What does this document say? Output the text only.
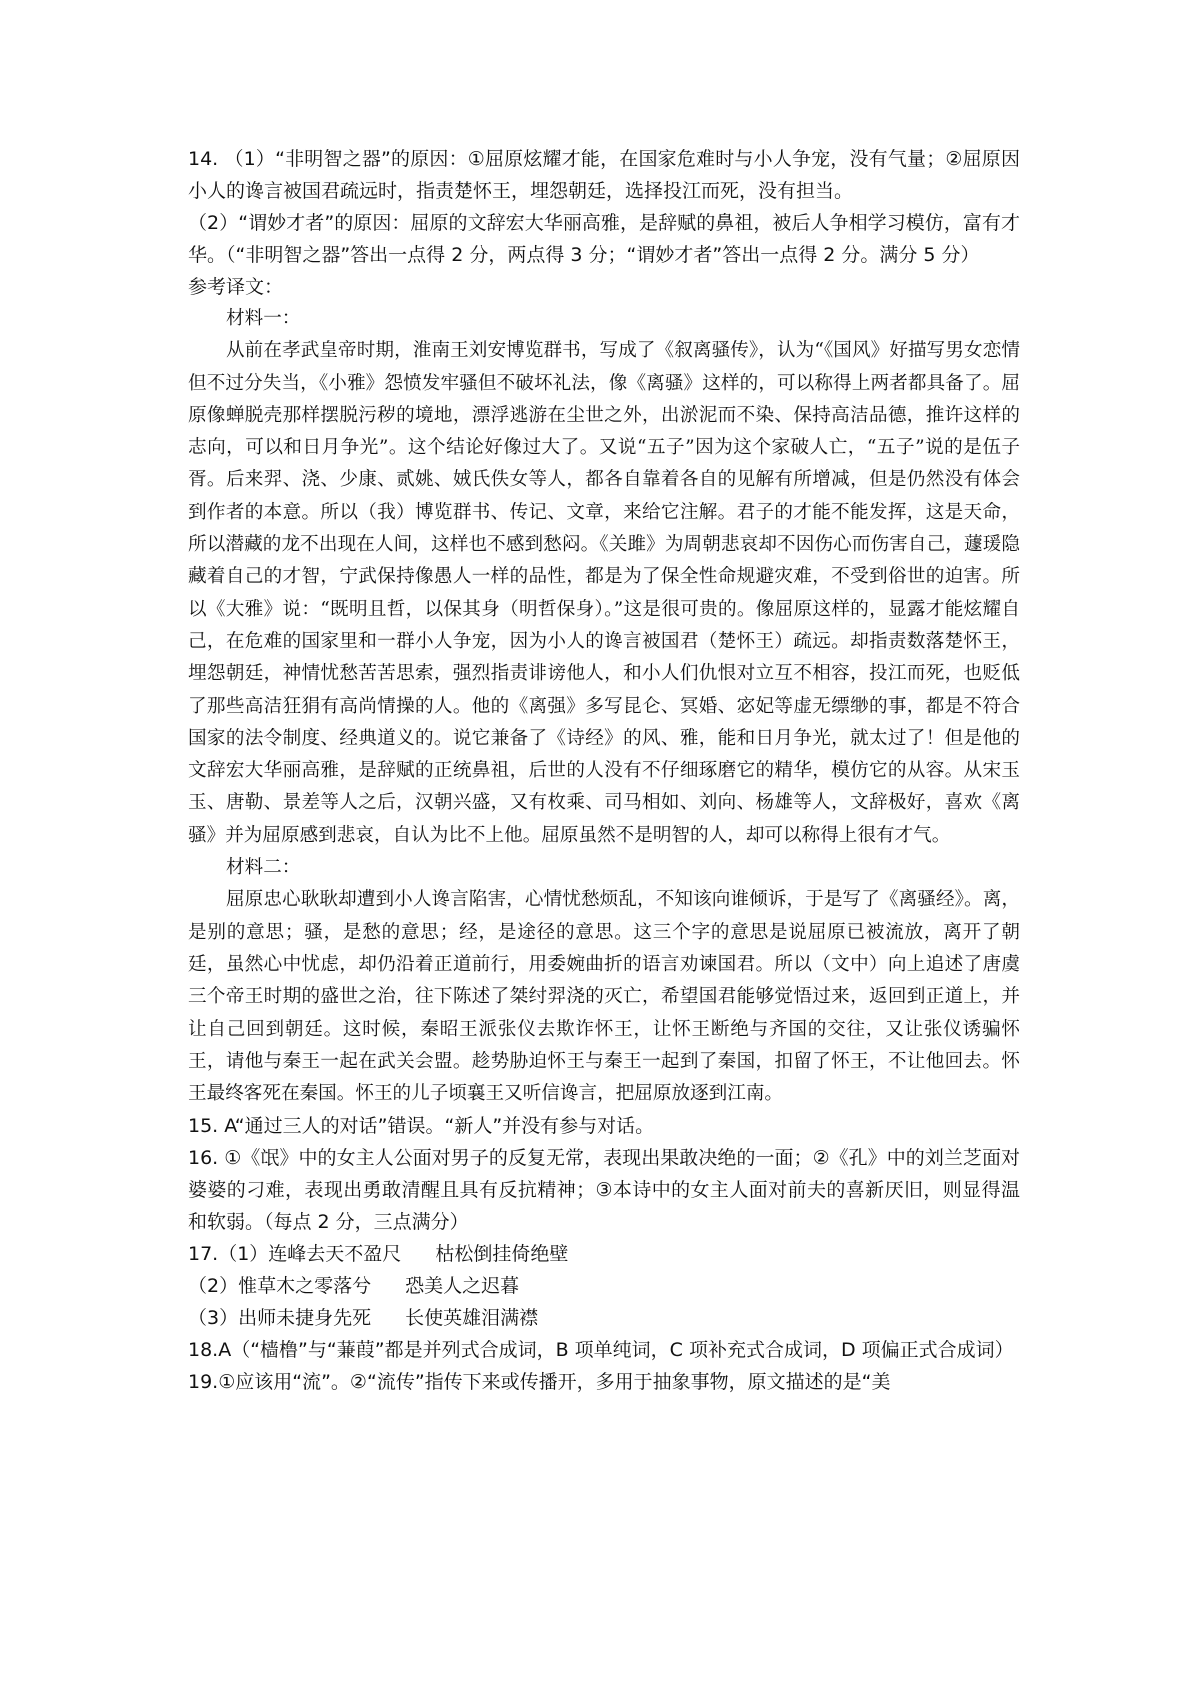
14. （1）“非明智之器”的原因：①屈原炫耀才能，在国家危难时与小人争宠，没有气量；②屈原因小人的谗言被国君疏远时，指责楚怀王，埋怨朝廷，选择投江而死，没有担当。

（2）“谓妙才者”的原因：屈原的文辞宏大华丽高雅，是辞赋的鼻祖，被后人争相学习模仿，富有才华。（“非明智之器”答出一点得 2 分，两点得 3 分；“谓妙才者”答出一点得 2 分。满分 5 分）

参考译文：

材料一：

从前在孝武皇帝时期，淮南王刘安博览群书，写成了《叙离骚传》，认为“《国风》好描写男女恋情但不过分失当，《小雅》怨愤发牢骚但不破坏礼法，像《离骚》这样的，可以称得上两者都具备了。屈原像蝉脱壳那样摆脱污秽的境地，漂浮逃游在尘世之外，出淤泥而不染、保持高洁品德，推许这样的志向，可以和日月争光”。这个结论好像过大了。又说“五子”因为这个家破人亡，“五子”说的是伍子胥。后来羿、浇、少康、贰姚、娀氏佚女等人，都各自靠着各自的见解有所增减，但是仍然没有体会到作者的本意。所以（我）博览群书、传记、文章，来给它注解。君子的才能不能发挥，这是天命，所以潜藏的龙不出现在人间，这样也不感到愁闷。《关雎》为周朝悲哀却不因伤心而伤害自己，蘧瑗隐藏着自己的才智，宁武保持像愚人一样的品性，都是为了保全性命规避灾难，不受到俗世的迫害。所以《大雅》说：“既明且哲，以保其身（明哲保身）。”这是很可贵的。像屈原这样的，显露才能炫耀自己，在危难的国家里和一群小人争宠，因为小人的谗言被国君（楚怀王）疏远。却指责数落楚怀王，埋怨朝廷，神情忧愁苦苦思索，强烈指责诽谤他人，和小人们仇恨对立互不相容，投江而死，也贬低了那些高洁狂狷有高尚情操的人。他的《离强》多写昆仑、冥婚、宓妃等虚无缥缈的事，都是不符合国家的法令制度、经典道义的。说它兼备了《诗经》的风、雅，能和日月争光，就太过了！但是他的文辞宏大华丽高雅，是辞赋的正统鼻祖，后世的人没有不仔细琢磨它的精华，模仿它的从容。从宋玉玉、唐勒、景差等人之后，汉朝兴盛，又有枚乘、司马相如、刘向、杨雄等人，文辞极好，喜欢《离骚》并为屈原感到悲哀，自认为比不上他。屈原虽然不是明智的人，却可以称得上很有才气。

材料二：

屈原忠心耿耿却遭到小人谗言陷害，心情忧愁烦乱，不知该向谁倾诉，于是写了《离骚经》。离，是别的意思；骚，是愁的意思；经，是途径的意思。这三个字的意思是说屈原已被流放，离开了朝廷，虽然心中忧虑，却仍沿着正道前行，用委婉曲折的语言劝谏国君。所以（文中）向上追述了唐虞三个帝王时期的盛世之治，往下陈述了桀纣羿浇的灭亡，希望国君能够觉悟过来，返回到正道上，并让自己回到朝廷。这时候，秦昭王派张仪去欺诈怀王，让怀王断绝与齐国的交往，又让张仪诱骗怀王，请他与秦王一起在武关会盟。趁势胁迫怀王与秦王一起到了秦国，扣留了怀王，不让他回去。怀王最终客死在秦国。怀王的儿子顷襄王又听信谗言，把屈原放逐到江南。

15. A“通过三人的对话”错误。“新人”并没有参与对话。

16. ①《氓》中的女主人公面对男子的反复无常，表现出果敢决绝的一面；②《孔》中的刘兰芝面对婆婆的刁难，表现出勇敢清醒且具有反抗精神；③本诗中的女主人面对前夫的喜新厌旧，则显得温和软弱。（每点 2 分，三点满分）

17.（1）连峰去天不盈尺 枯松倒挂倚绝壁

（2）惟草木之零落兮 恐美人之迟暮

（3）出师未捷身先死 长使英雄泪满襟

18.A（“樯橹”与“蒹葭”都是并列式合成词，B 项单纯词，C 项补充式合成词，D 项偏正式合成词）

19.①应该用“流”。②“流传”指传下来或传播开，多用于抽象事物，原文描述的是“美
